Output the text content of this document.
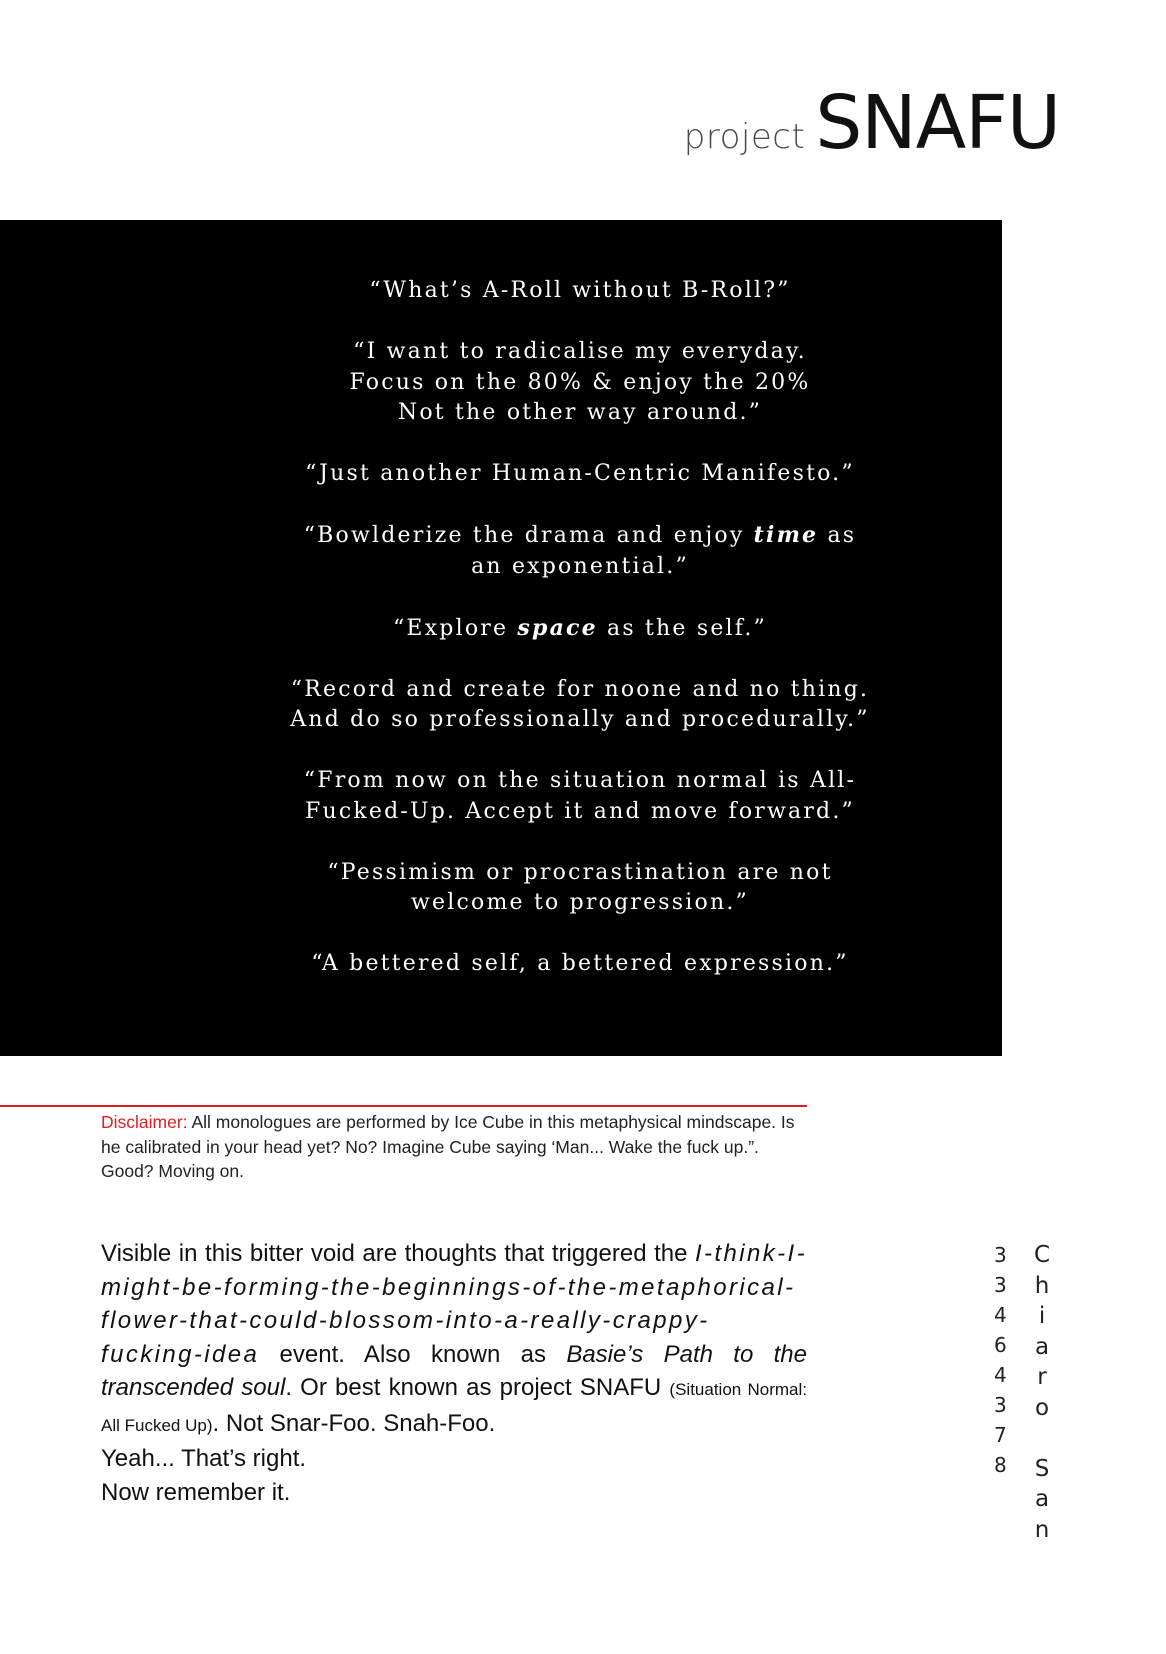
project SNAFU

“What’s A-Roll without B-Roll?”

“I want to radicalise my everyday.
Focus on the 80% & enjoy the 20%
Not the other way around.”

“Just another Human-Centric Manifesto.”

“Bowlderize the drama and enjoy time as
an exponential.”

“Explore space as the self.”

“Record and create for noone and no thing.
And do so professionally and procedurally.”

“From now on the situation normal is All-
Fucked-Up. Accept it and move forward.”

“Pessimism or procrastination are not
welcome to progression.”

“A bettered self, a bettered expression.”

Disclaimer: All monologues are performed by Ice Cube in this metaphysical mindscape. Is he calibrated in your head yet? No? Imagine Cube saying ‘Man... Wake the fuck up.”. Good? Moving on.
Visible in this bitter void are thoughts that triggered the I-think-I-might-be-forming-the-beginnings-of-the-metaphorical-flower-that-could-blossom-into-a-really-crappy-fucking-idea event. Also known as Basie’s Path to the transcended soul. Or best known as project SNAFU (Situation Normal: All Fucked Up). Not Snar-Foo. Snah-Foo.
Yeah... That’s right.
Now remember it.
3
3
4
6
4
3
7
8
C
h
i
a
r
o

S
a
n
